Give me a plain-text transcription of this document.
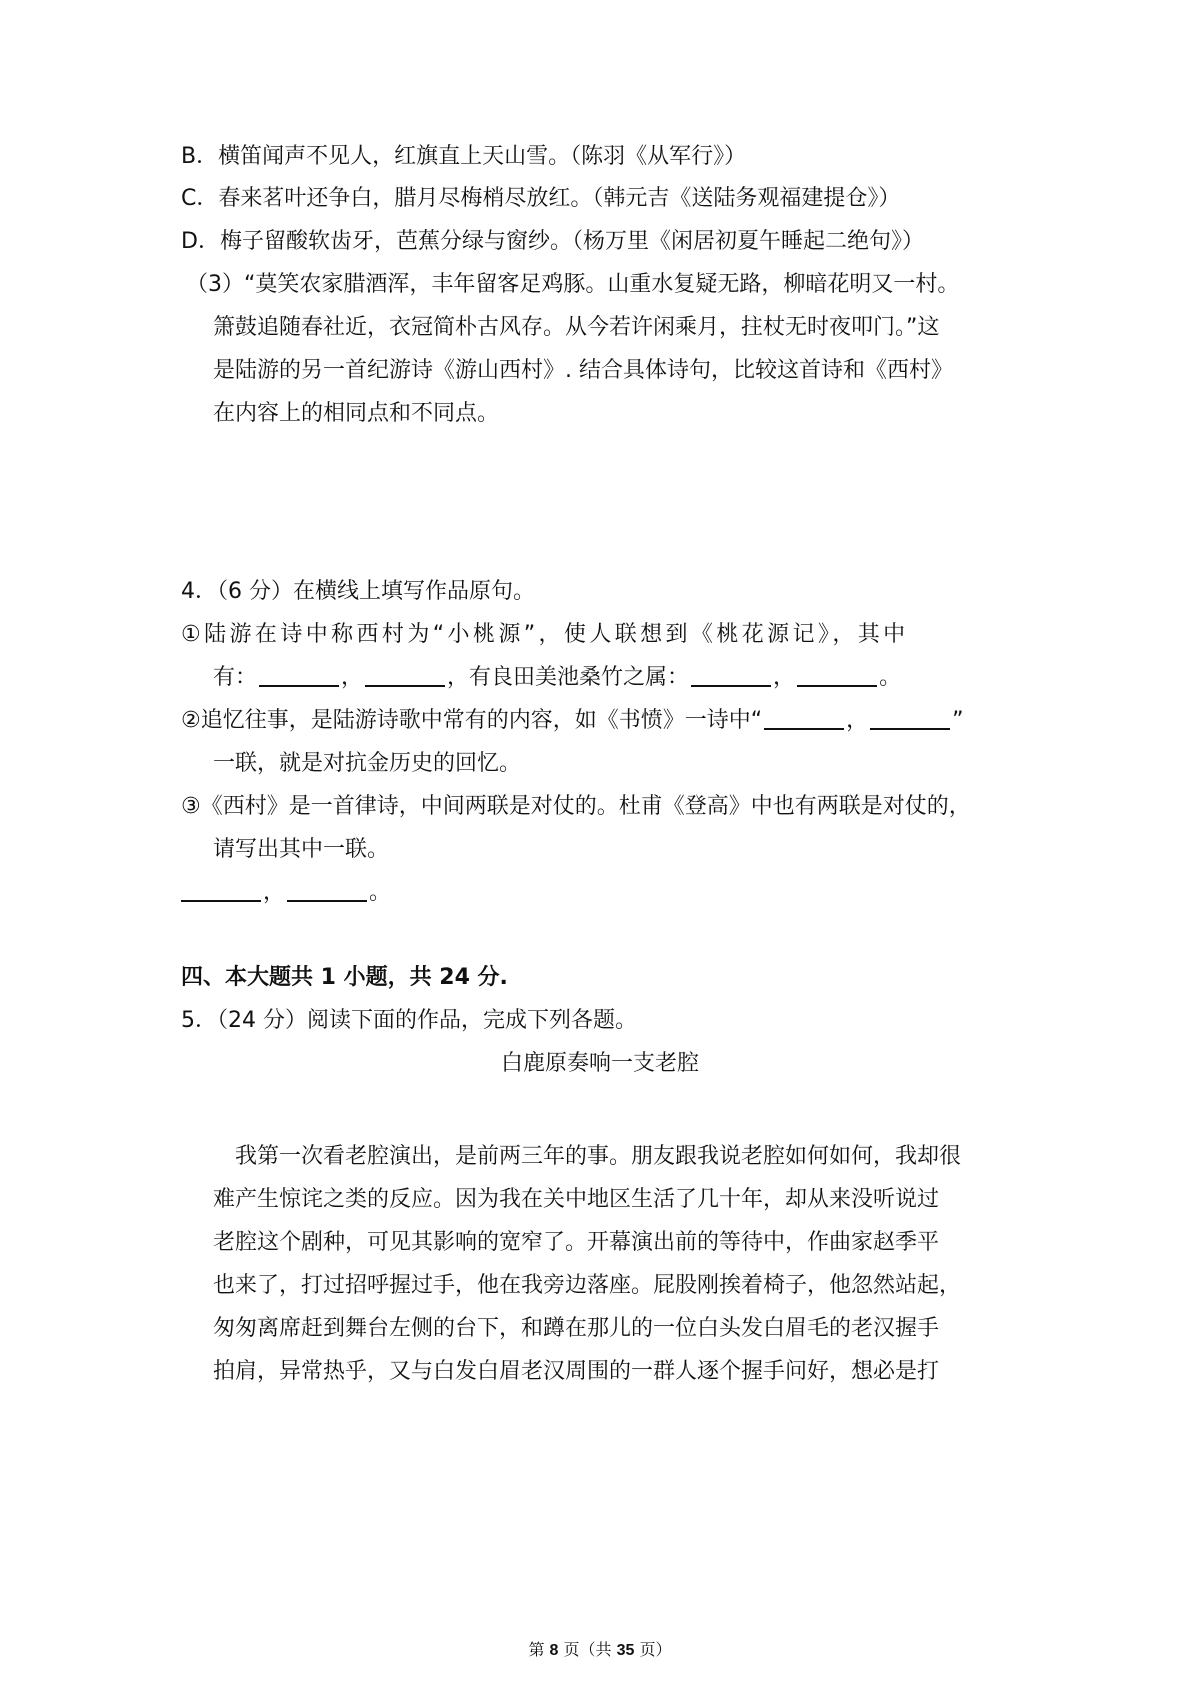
B．横笛闻声不见人，红旗直上天山雪。（陈羽《从军行》）
C．春来茗叶还争白，腊月尽梅梢尽放红。（韩元吉《送陆务观福建提仓》）
D．梅子留酸软齿牙，芭蕉分绿与窗纱。（杨万里《闲居初夏午睡起二绝句》）
（3）“莫笑农家腊酒浑，丰年留客足鸡豚。山重水复疑无路，柳暗花明又一村。
箫鼓追随春社近，衣冠简朴古风存。从今若许闲乘月，拄杖无时夜叩门。”这
是陆游的另一首纪游诗《游山西村》. 结合具体诗句，比较这首诗和《西村》
在内容上的相同点和不同点。
4．（6 分）在横线上填写作品原句。
①陆游在诗中称西村为“小桃源”，使人联想到《桃花源记》，其中
有：	，	，有良田美池桑竹之属：	，	。
②追忆往事，是陆游诗歌中常有的内容，如《书愤》一诗中“	，	”
一联，就是对抗金历史的回忆。
③《西村》是一首律诗，中间两联是对仗的。杜甫《登高》中也有两联是对仗的，
请写出其中一联。
，	。
四、本大题共 1 小题，共 24 分.
5．（24 分）阅读下面的作品，完成下列各题。
白鹿原奏响一支老腔
我第一次看老腔演出，是前两三年的事。朋友跟我说老腔如何如何，我却很
难产生惊诧之类的反应。因为我在关中地区生活了几十年，却从来没听说过
老腔这个剧种，可见其影响的宽窄了。开幕演出前的等待中，作曲家赵季平
也来了，打过招呼握过手，他在我旁边落座。屁股刚挨着椅子，他忽然站起，
匆匆离席赶到舞台左侧的台下，和蹲在那儿的一位白头发白眉毛的老汉握手
拍肩，异常热乎，又与白发白眉老汉周围的一群人逐个握手问好，想必是打
第 8 页（共 35 页）
